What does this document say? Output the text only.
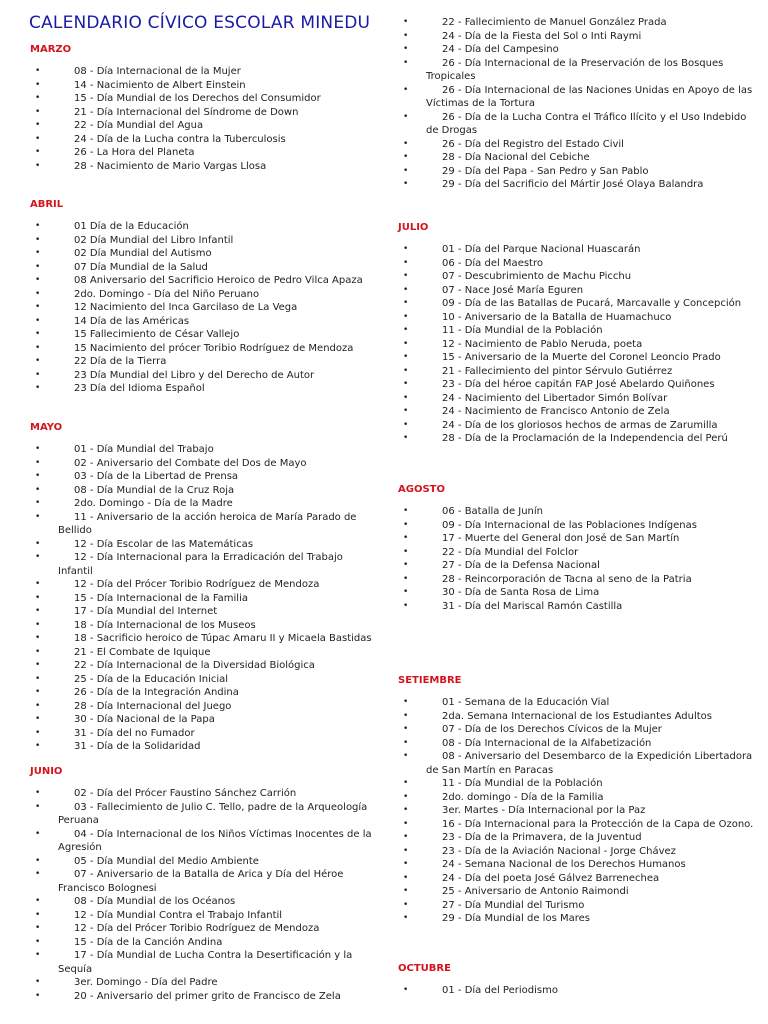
CALENDARIO CÍVICO ESCOLAR MINEDU
MARZO
• 08 - Día Internacional de la Mujer
• 14 - Nacimiento de Albert Einstein
• 15 - Día Mundial de los Derechos del Consumidor
• 21 - Día Internacional del Síndrome de Down
• 22 - Día Mundial del Agua
• 24 - Día de la Lucha contra la Tuberculosis
• 26 - La Hora del Planeta
• 28 - Nacimiento de Mario Vargas Llosa
ABRIL
• 01 Día de la Educación
• 02 Día Mundial del Libro Infantil
• 02 Día Mundial del Autismo
• 07 Día Mundial de la Salud
• 08 Aniversario del Sacrificio Heroico de Pedro Vilca Apaza
• 2do. Domingo - Día del Niño Peruano
• 12 Nacimiento del Inca Garcilaso de La Vega
• 14 Día de las Américas
• 15 Fallecimiento de César Vallejo
• 15 Nacimiento del prócer Toribio Rodríguez de Mendoza
• 22 Día de la Tierra
• 23 Día Mundial del Libro y del Derecho de Autor
• 23 Día del Idioma Español
MAYO
• 01 - Día Mundial del Trabajo
• 02 - Aniversario del Combate del Dos de Mayo
• 03 - Día de la Libertad de Prensa
• 08 - Día Mundial de la Cruz Roja
• 2do. Domingo - Día de la Madre
• 11 - Aniversario de la acción heroica de María Parado de Bellido
• 12 - Día Escolar de las Matemáticas
• 12 - Día Internacional para la Erradicación del Trabajo Infantil
• 12 - Día del Prócer Toribio Rodríguez de Mendoza
• 15 - Día Internacional de la Familia
• 17 - Día Mundial del Internet
• 18 - Día Internacional de los Museos
• 18 - Sacrificio heroico de Túpac Amaru II y Micaela Bastidas
• 21 - El Combate de Iquique
• 22 - Día Internacional de la Diversidad Biológica
• 25 - Día de la Educación Inicial
• 26 - Día de la Integración Andina
• 28 - Día Internacional del Juego
• 30 - Día Nacional de la Papa
• 31 - Día del no Fumador
• 31 - Día de la Solidaridad
JUNIO
• 02 - Día del Prócer Faustino Sánchez Carrión
• 03 - Fallecimiento de Julio C. Tello, padre de la Arqueología Peruana
• 04 - Día Internacional de los Niños Víctimas Inocentes de la Agresión
• 05 - Día Mundial del Medio Ambiente
• 07 - Aniversario de la Batalla de Arica y Día del Héroe Francisco Bolognesi
• 08 - Día Mundial de los Océanos
• 12 - Día Mundial Contra el Trabajo Infantil
• 12 - Día del Prócer Toribio Rodríguez de Mendoza
• 15 - Día de la Canción Andina
• 17 - Día Mundial de Lucha Contra la Desertificación y la Sequía
• 3er. Domingo - Día del Padre
• 20 - Aniversario del primer grito de Francisco de Zela
• 22 - Fallecimiento de Manuel González Prada
• 24 - Día de la Fiesta del Sol o Inti Raymi
• 24 - Día del Campesino
• 26 - Día Internacional de la Preservación de los Bosques Tropicales
• 26 - Día Internacional de las Naciones Unidas en Apoyo de las Víctimas de la Tortura
• 26 - Día de la Lucha Contra el Tráfico Ilícito y el Uso Indebido de Drogas
• 26 - Día del Registro del Estado Civil
• 28 - Día Nacional del Cebiche
• 29 - Día del Papa - San Pedro y San Pablo
• 29 - Día del Sacrificio del Mártir José Olaya Balandra
JULIO
• 01 - Día del Parque Nacional Huascarán
• 06 - Día del Maestro
• 07 - Descubrimiento de Machu Picchu
• 07 - Nace José María Eguren
• 09 - Día de las Batallas de Pucará, Marcavalle y Concepción
• 10 - Aniversario de la Batalla de Huamachuco
• 11 - Día Mundial de la Población
• 12 - Nacimiento de Pablo Neruda, poeta
• 15 - Aniversario de la Muerte del Coronel Leoncio Prado
• 21 - Fallecimiento del pintor Sérvulo Gutiérrez
• 23 - Día del héroe capitán FAP José Abelardo Quiñones
• 24 - Nacimiento del Libertador Simón Bolívar
• 24 - Nacimiento de Francisco Antonio de Zela
• 24 - Día de los gloriosos hechos de armas de Zarumilla
• 28 - Día de la Proclamación de la Independencia del Perú
AGOSTO
• 06 - Batalla de Junín
• 09 - Día Internacional de las Poblaciones Indígenas
• 17 - Muerte del General don José de San Martín
• 22 - Día Mundial del Folclor
• 27 - Día de la Defensa Nacional
• 28 - Reincorporación de Tacna al seno de la Patria
• 30 - Día de Santa Rosa de Lima
• 31 - Día del Mariscal Ramón Castilla
SETIEMBRE
• 01 - Semana de la Educación Vial
• 2da. Semana Internacional de los Estudiantes Adultos
• 07 - Día de los Derechos Cívicos de la Mujer
• 08 - Día Internacional de la Alfabetización
• 08 - Aniversario del Desembarco de la Expedición Libertadora de San Martín en Paracas
• 11 - Día Mundial de la Población
• 2do. domingo - Día de la Familia
• 3er. Martes - Día Internacional por la Paz
• 16 - Día Internacional para la Protección de la Capa de Ozono.
• 23 - Día de la Primavera, de la Juventud
• 23 - Día de la Aviación Nacional - Jorge Chávez
• 24 - Semana Nacional de los Derechos Humanos
• 24 - Día del poeta José Gálvez Barrenechea
• 25 - Aniversario de Antonio Raimondi
• 27 - Día Mundial del Turismo
• 29 - Día Mundial de los Mares
OCTUBRE
• 01 - Día del Periodismo
